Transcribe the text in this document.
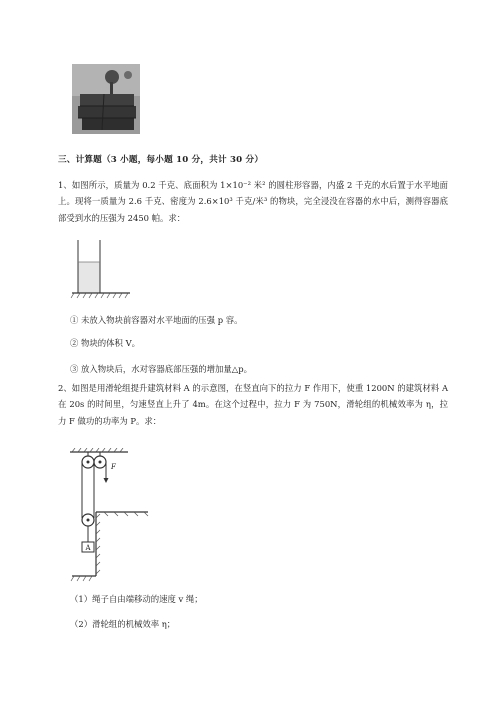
三、计算题（3 小题，每小题 10 分，共计 30 分）

1、如图所示，质量为 0.2 千克、底面积为 1×10⁻² 米² 的圆柱形容器，内盛 2 千克的水后置于水平地面上。现将一质量为 2.6 千克、密度为 2.6×10³ 千克/米³ 的物块，完全浸没在容器的水中后，测得容器底部受到水的压强为 2450 帕。求：

① 未放入物块前容器对水平地面的压强 p 容。
② 物块的体积 V。
③ 放入物块后，水对容器底部压强的增加量△p。

2、如图是用滑轮组提升建筑材料 A 的示意图，在竖直向下的拉力 F 作用下，使重 1200N 的建筑材料 A 在 20s 的时间里，匀速竖直上升了 4m。在这个过程中，拉力 F 为 750N，滑轮组的机械效率为 η，拉力 F 做功的功率为 P。求：

F
A
（1）绳子自由端移动的速度 v 绳；
（2）滑轮组的机械效率 η；
